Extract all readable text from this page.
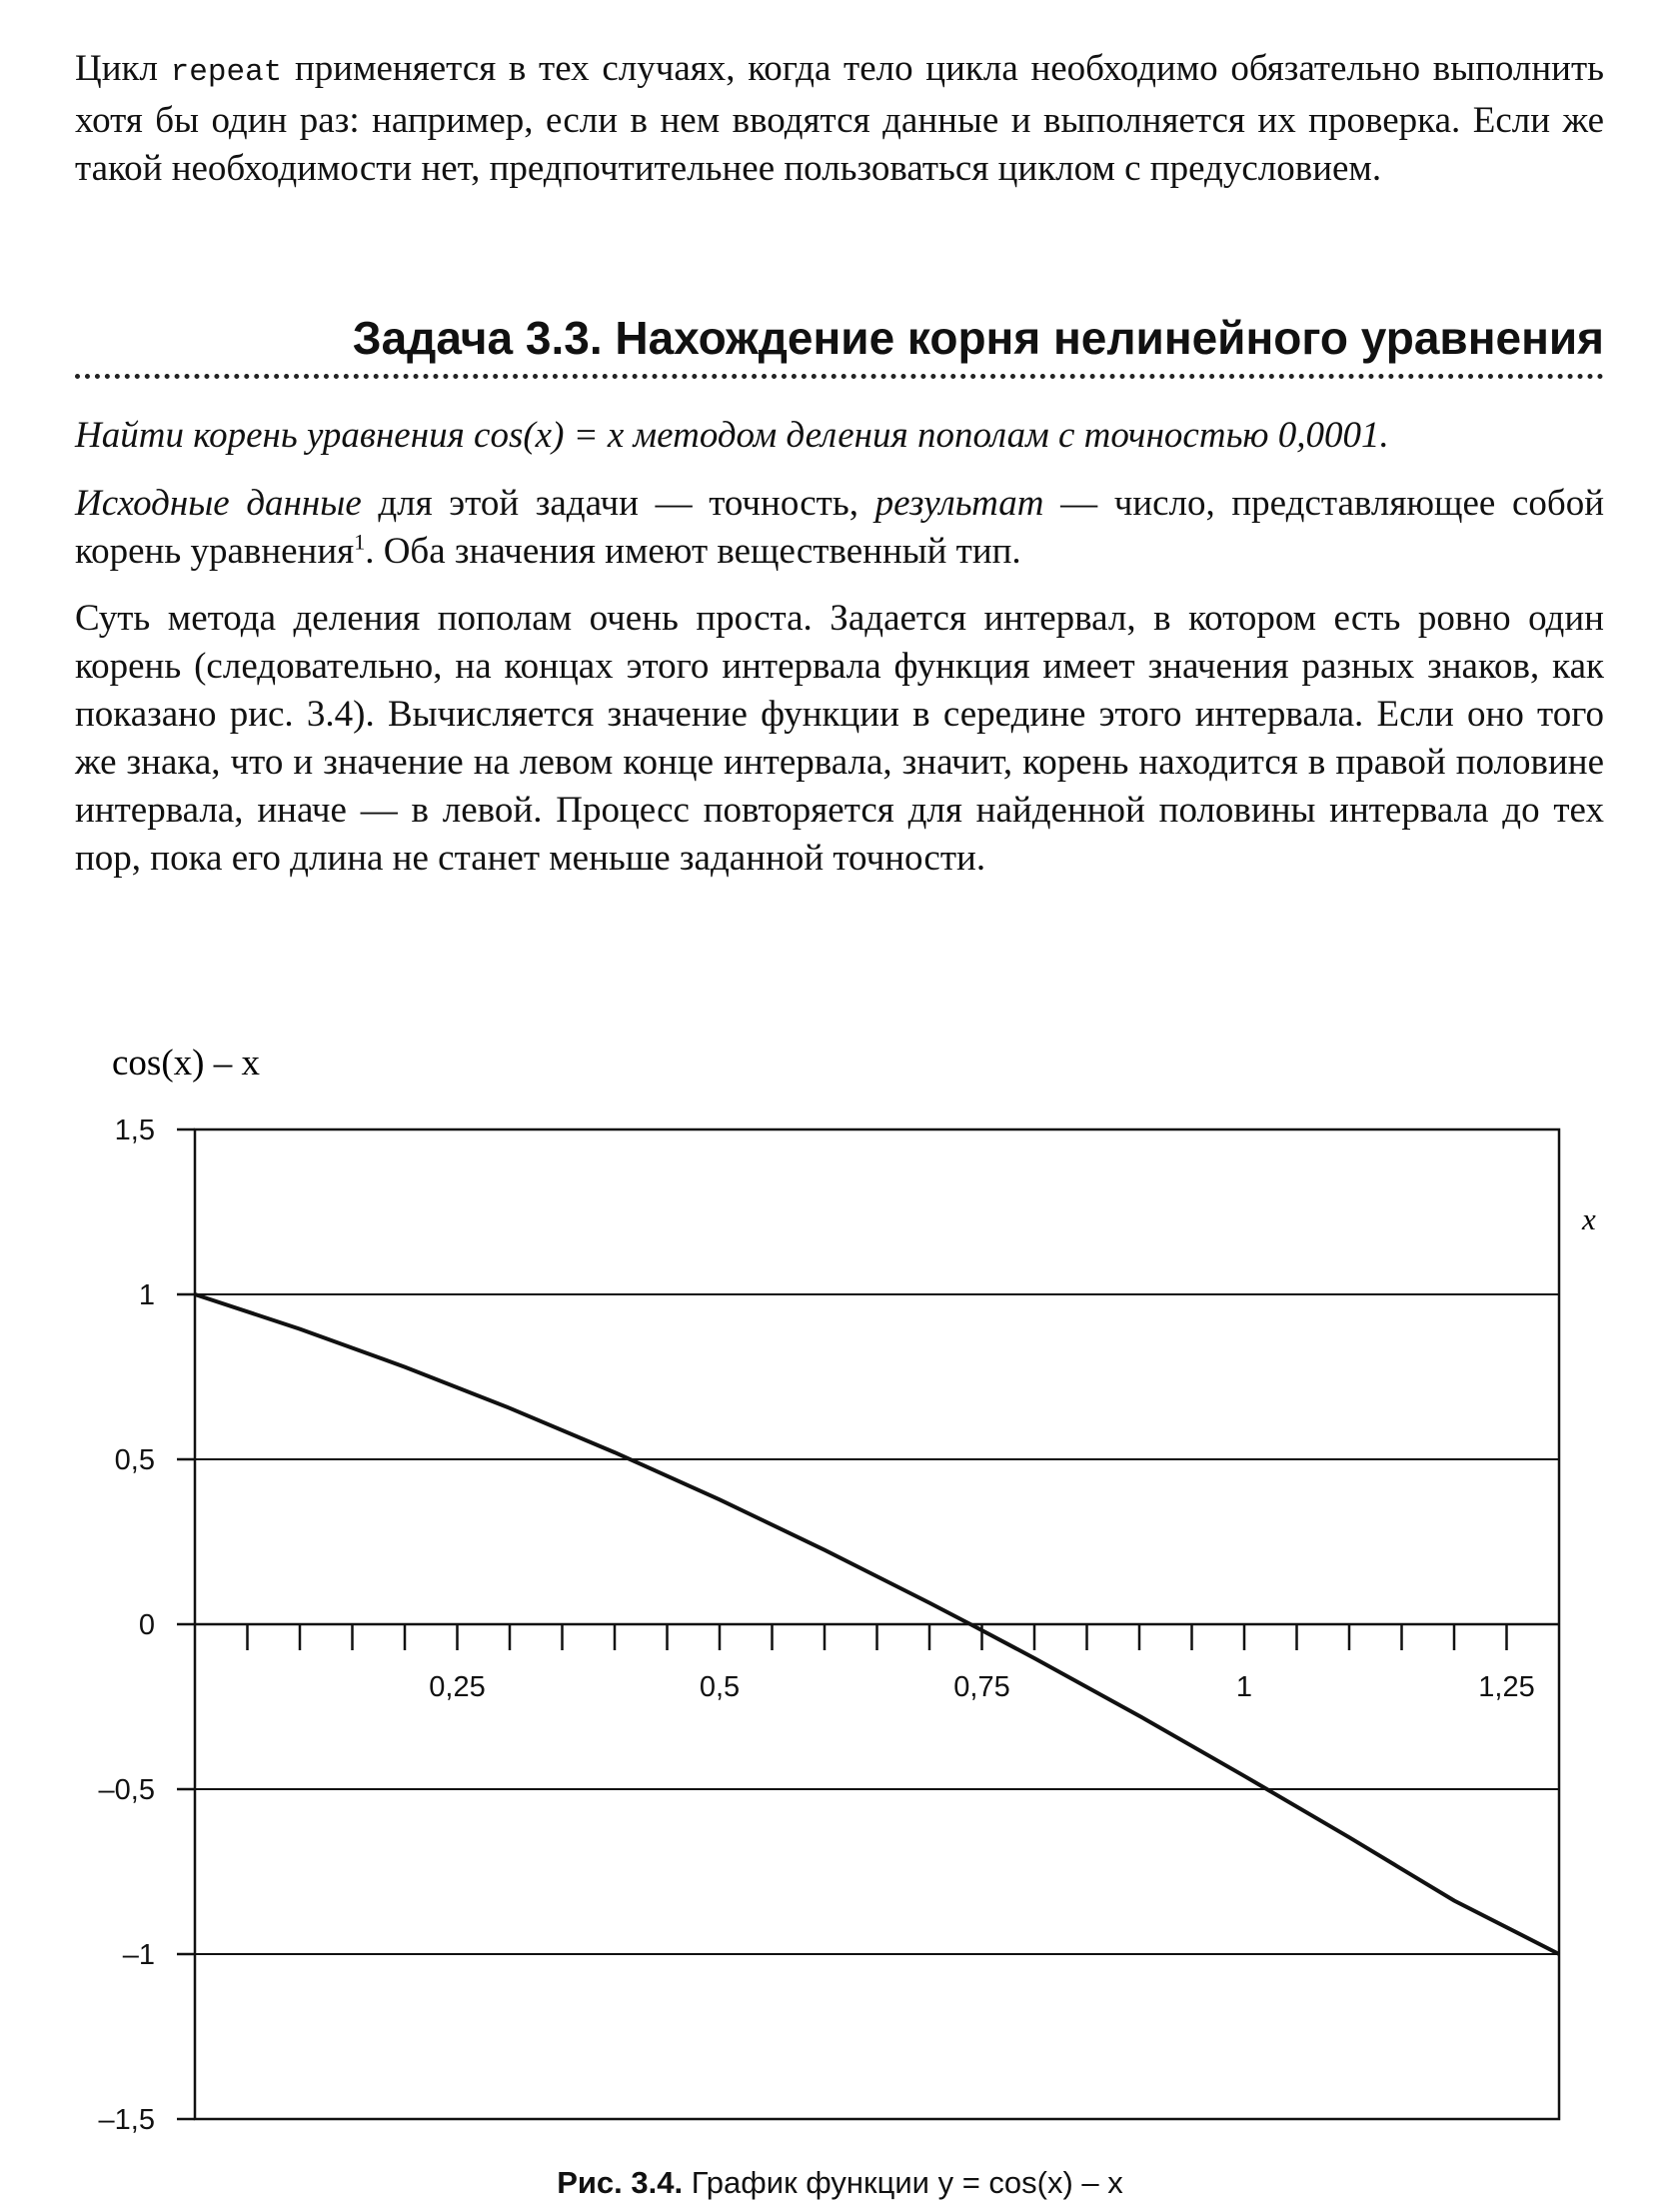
Цикл repeat применяется в тех случаях, когда тело цикла необходимо обязательно выполнить хотя бы один раз: например, если в нем вводятся данные и выполняется их проверка. Если же такой необходимости нет, предпочтительнее пользоваться циклом с предусловием.

Задача 3.3. Нахождение корня нелинейного уравнения

Найти корень уравнения cos(x) = x методом деления пополам с точностью 0,0001.

Исходные данные для этой задачи — точность, результат — число, представляющее собой корень уравнения$^1$. Оба значения имеют вещественный тип.

Суть метода деления пополам очень проста. Задается интервал, в котором есть ровно один корень (следовательно, на концах этого интервала функция имеет значения разных знаков, как показано рис. 3.4). Вычисляется значение функции в середине этого интервала. Если оно того же знака, что и значение на левом конце интервала, значит, корень находится в правой половине интервала, иначе — в левой. Процесс повторяется для найденной половины интервала до тех пор, пока его длина не станет меньше заданной точности.

1,5
1
0,5
0
–0,5
–1
–1,5
0,25	0,5	0,75	1	1,25
cos(x) – x
x
Рис. 3.4. График функции y = cos(x) – x
